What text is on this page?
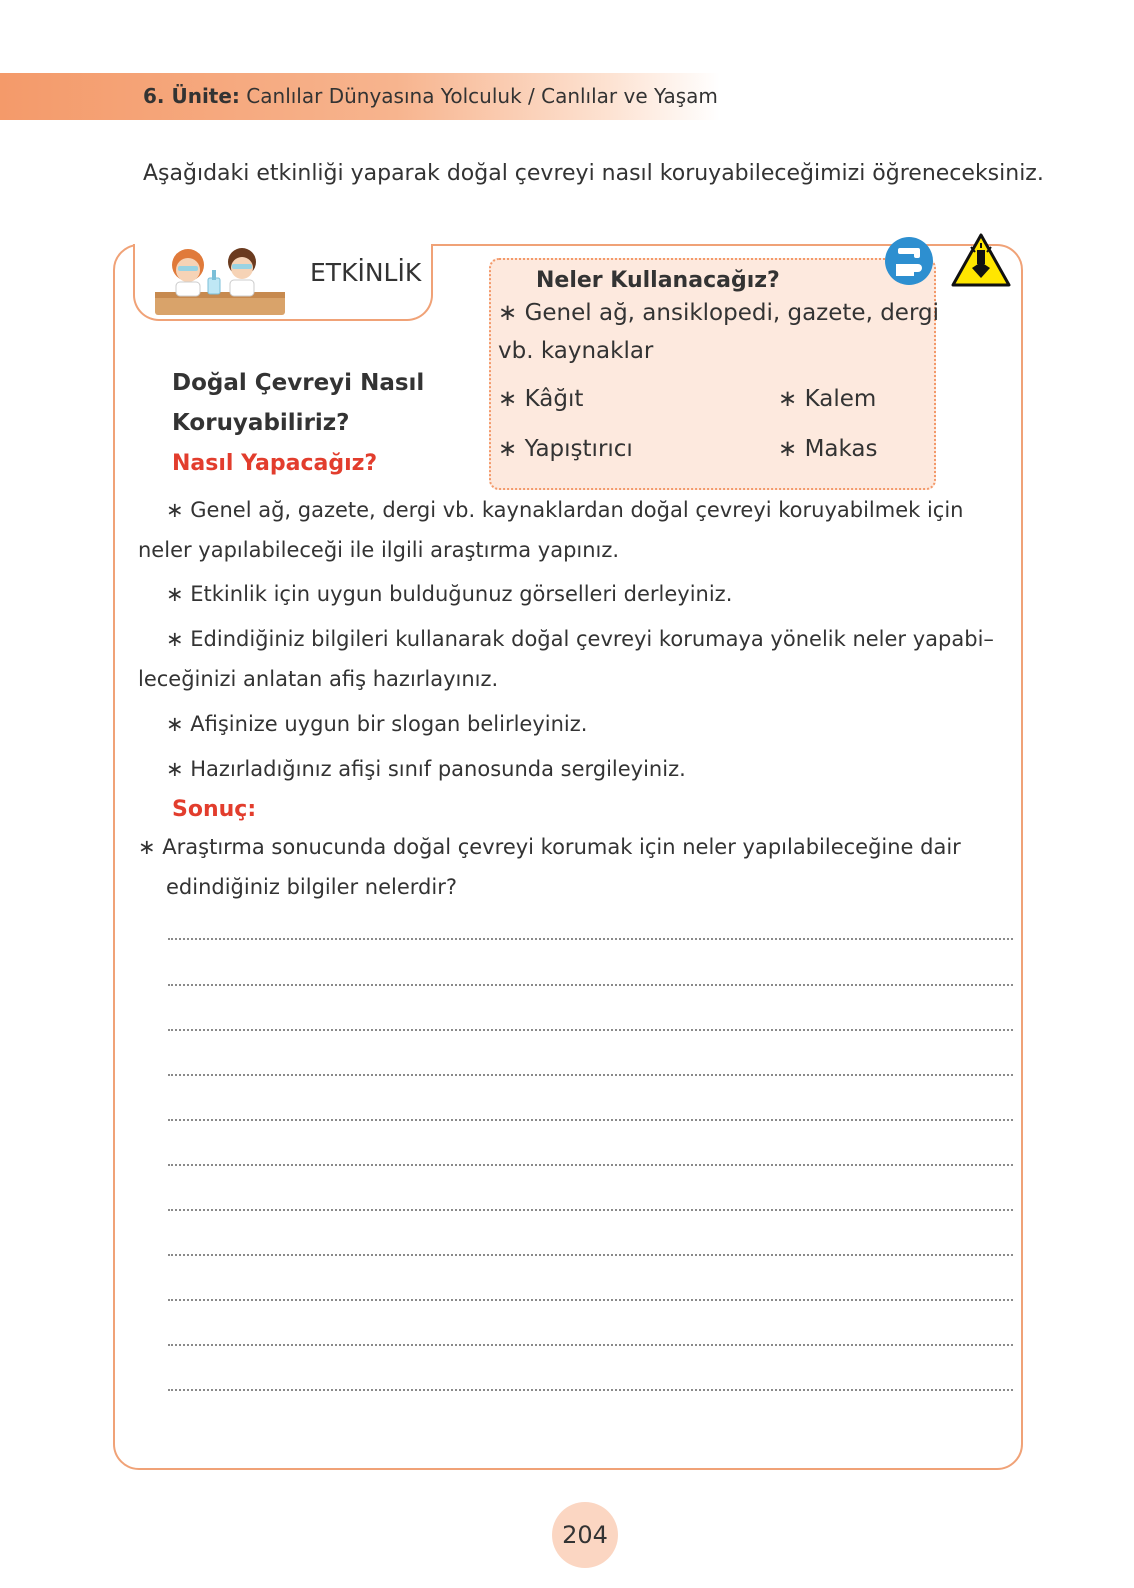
6. Ünite: Canlılar Dünyasına Yolculuk / Canlılar ve Yaşam
Aşağıdaki etkinliği yaparak doğal çevreyi nasıl koruyabileceğimizi öğreneceksiniz.
ETKİNLİK	Neler Kullanacağız?
∗ Genel ağ, ansiklopedi, gazete, dergi
vb. kaynaklar
∗ Kâğıt	∗ Kalem
∗ Yapıştırıcı	∗ Makas
Doğal Çevreyi Nasıl
Koruyabiliriz?
Nasıl Yapacağız?
∗ Genel ağ, gazete, dergi vb. kaynaklardan doğal çevreyi koruyabilmek için
neler yapılabileceği ile ilgili araştırma yapınız.
∗ Etkinlik için uygun bulduğunuz görselleri derleyiniz.
∗ Edindiğiniz bilgileri kullanarak doğal çevreyi korumaya yönelik neler yapabi–
leceğinizi anlatan afiş hazırlayınız.
∗ Afişinize uygun bir slogan belirleyiniz.
∗ Hazırladığınız afişi sınıf panosunda sergileyiniz.
Sonuç:
∗ Araştırma sonucunda doğal çevreyi korumak için neler yapılabileceğine dair
edindiğiniz bilgiler nelerdir?
204
